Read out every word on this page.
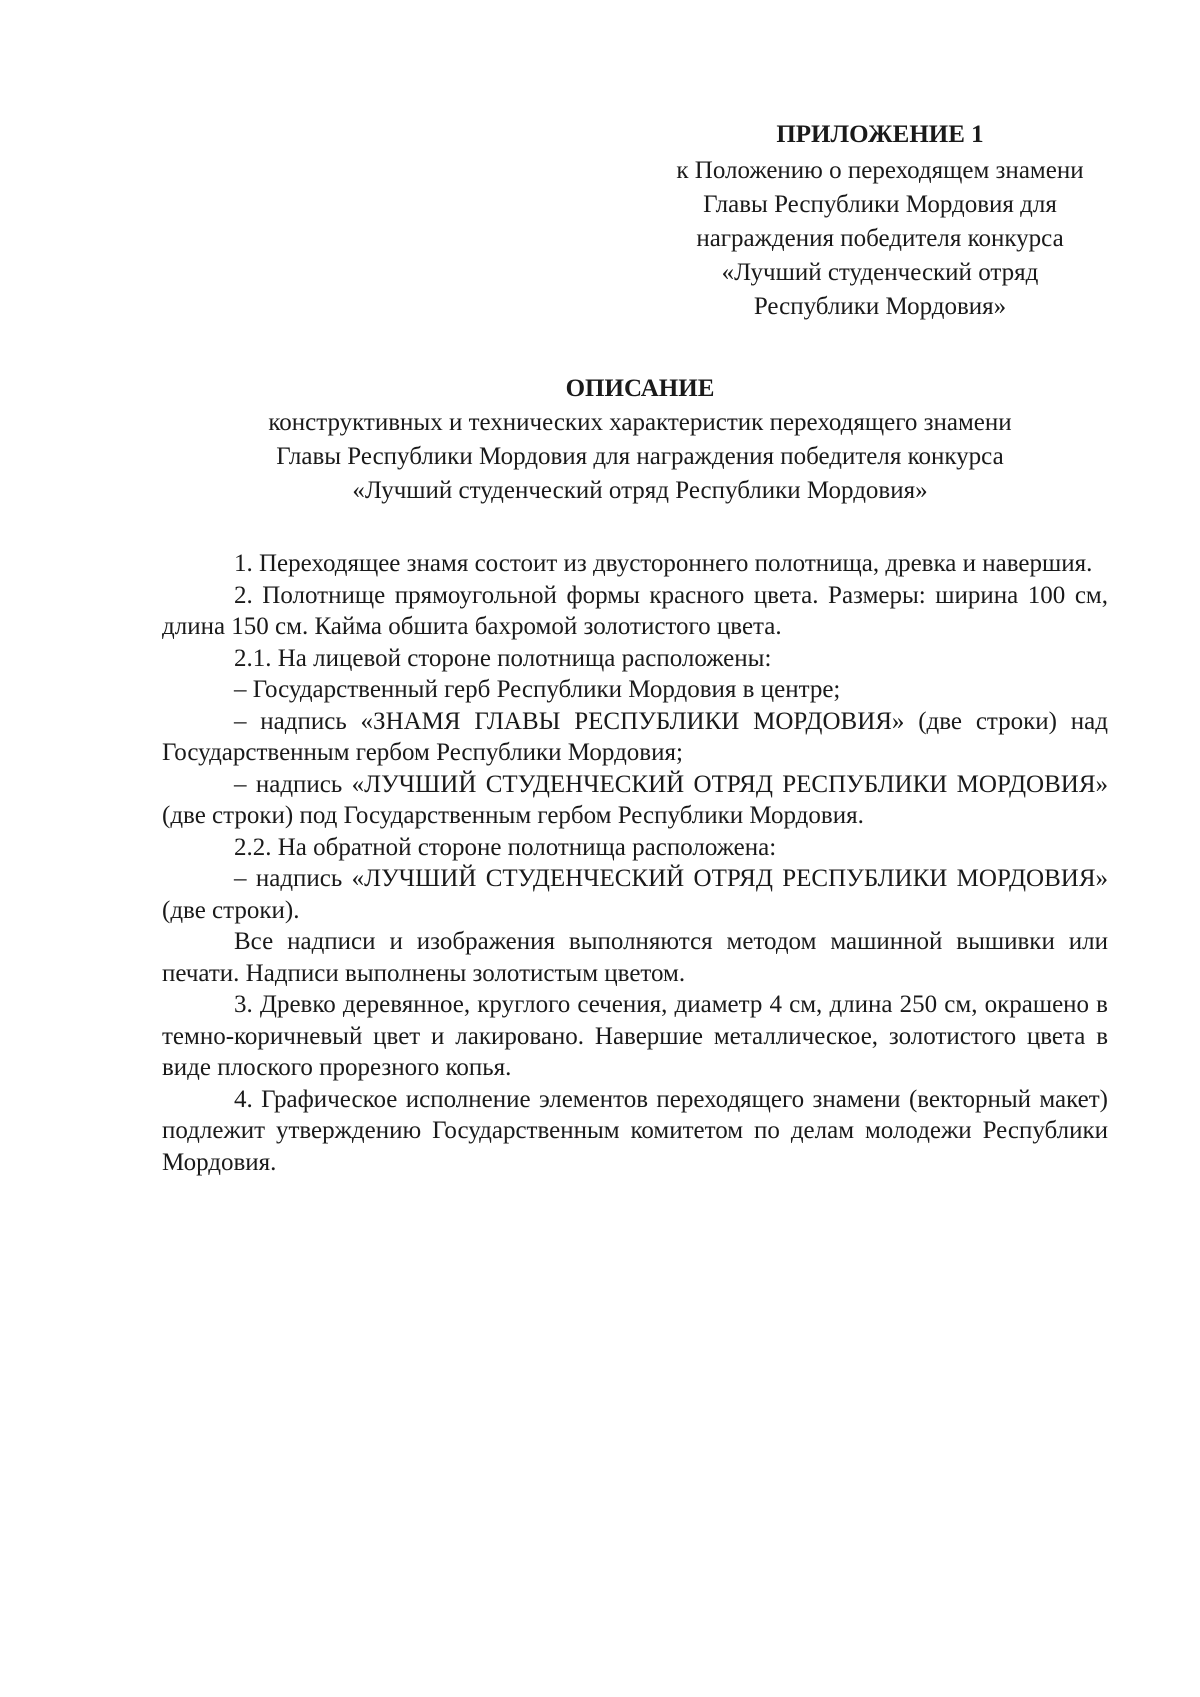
ПРИЛОЖЕНИЕ 1
к Положению о переходящем знамени
Главы Республики Мордовия для
награждения победителя конкурса
«Лучший студенческий отряд
Республики Мордовия»
ОПИСАНИЕ
конструктивных и технических характеристик переходящего знамени
Главы Республики Мордовия для награждения победителя конкурса
«Лучший студенческий отряд Республики Мордовия»

1. Переходящее знамя состоит из двустороннего полотнища, древка и навершия.

2. Полотнище прямоугольной формы красного цвета. Размеры: ширина 100 см, длина 150 см. Кайма обшита бахромой золотистого цвета.

2.1. На лицевой стороне полотнища расположены:

– Государственный герб Республики Мордовия в центре;

– надпись «ЗНАМЯ ГЛАВЫ РЕСПУБЛИКИ МОРДОВИЯ» (две строки) над Государственным гербом Республики Мордовия;

– надпись «ЛУЧШИЙ СТУДЕНЧЕСКИЙ ОТРЯД РЕСПУБЛИКИ МОРДОВИЯ» (две строки) под Государственным гербом Республики Мордовия.

2.2. На обратной стороне полотнища расположена:

– надпись «ЛУЧШИЙ СТУДЕНЧЕСКИЙ ОТРЯД РЕСПУБЛИКИ МОРДОВИЯ» (две строки).

Все надписи и изображения выполняются методом машинной вышивки или печати. Надписи выполнены золотистым цветом.

3. Древко деревянное, круглого сечения, диаметр 4 см, длина 250 см, окрашено в темно-коричневый цвет и лакировано. Навершие металлическое, золотистого цвета в виде плоского прорезного копья.

4. Графическое исполнение элементов переходящего знамени (векторный макет) подлежит утверждению Государственным комитетом по делам молодежи Республики Мордовия.
